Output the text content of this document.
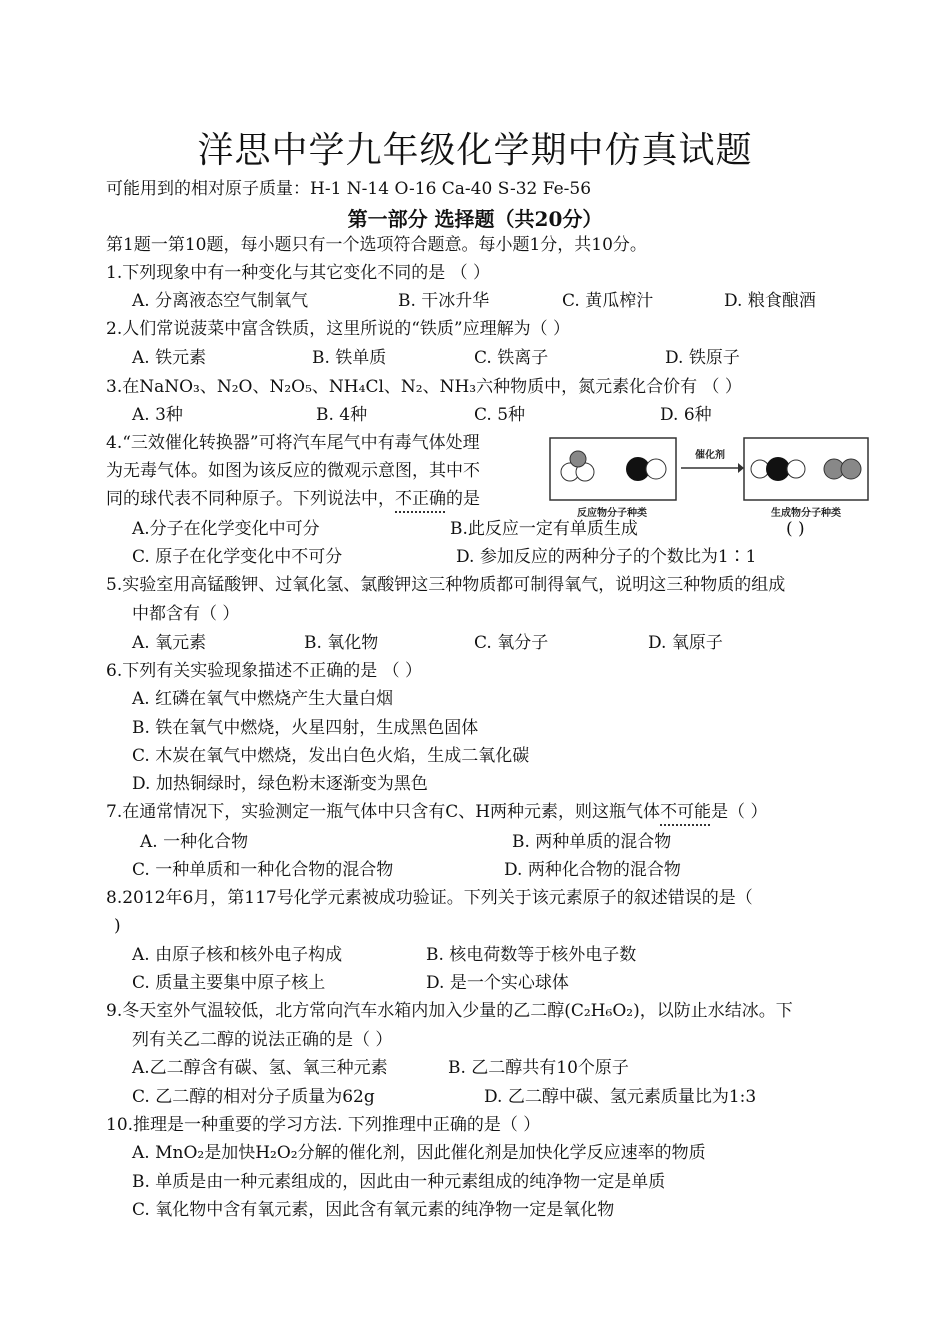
洋思中学九年级化学期中仿真试题
可能用到的相对原子质量：H-1 N-14 O-16 Ca-40 S-32 Fe-56
第一部分 选择题（共20分）
第1题一第10题，每小题只有一个选项符合题意。每小题1分，共10分。
1.下列现象中有一种变化与其它变化不同的是 （ ）
A. 分离液态空气制氧气	B. 干冰升华	C. 黄瓜榨汁	D. 粮食酿酒
2.人们常说菠菜中富含铁质，这里所说的“铁质”应理解为（ ）
A. 铁元素	B. 铁单质	C. 铁离子	D. 铁原子
3.在NaNO₃、N₂O、N₂O₅、NH₄Cl、N₂、NH₃六种物质中，氮元素化合价有 （ ）
A. 3种	B. 4种	C. 5种	D. 6种
4.“三效催化转换器”可将汽车尾气中有毒气体处理
为无毒气体。如图为该反应的微观示意图，其中不
同的球代表不同种原子。下列说法中，不正确的是
A.分子在化学变化中可分	B.此反应一定有单质生成	( )
C. 原子在化学变化中不可分	D. 参加反应的两种分子的个数比为1∶1
催化剂
反应物分子种类	生成物分子种类
5.实验室用高锰酸钾、过氧化氢、氯酸钾这三种物质都可制得氧气，说明这三种物质的组成
中都含有（ ）
A. 氧元素	B. 氧化物	C. 氧分子	D. 氧原子
6.下列有关实验现象描述不正确的是 （ ）
A. 红磷在氧气中燃烧产生大量白烟
B. 铁在氧气中燃烧，火星四射，生成黑色固体
C. 木炭在氧气中燃烧，发出白色火焰，生成二氧化碳
D. 加热铜绿时，绿色粉末逐渐变为黑色
7.在通常情况下，实验测定一瓶气体中只含有C、H两种元素，则这瓶气体不可能是（ ）
A. 一种化合物	B. 两种单质的混合物
C. 一种单质和一种化合物的混合物	D. 两种化合物的混合物
8.2012年6月，第117号化学元素被成功验证。下列关于该元素原子的叙述错误的是（
)
A. 由原子核和核外电子构成	B. 核电荷数等于核外电子数
C. 质量主要集中原子核上	D. 是一个实心球体
9.冬天室外气温较低，北方常向汽车水箱内加入少量的乙二醇(C₂H₆O₂)，以防止水结冰。下
列有关乙二醇的说法正确的是（ ）
A.乙二醇含有碳、氢、氧三种元素	B. 乙二醇共有10个原子
C. 乙二醇的相对分子质量为62g	D. 乙二醇中碳、氢元素质量比为1:3
10.推理是一种重要的学习方法. 下列推理中正确的是（ ）
A. MnO₂是加快H₂O₂分解的催化剂，因此催化剂是加快化学反应速率的物质
B. 单质是由一种元素组成的，因此由一种元素组成的纯净物一定是单质
C. 氧化物中含有氧元素，因此含有氧元素的纯净物一定是氧化物
